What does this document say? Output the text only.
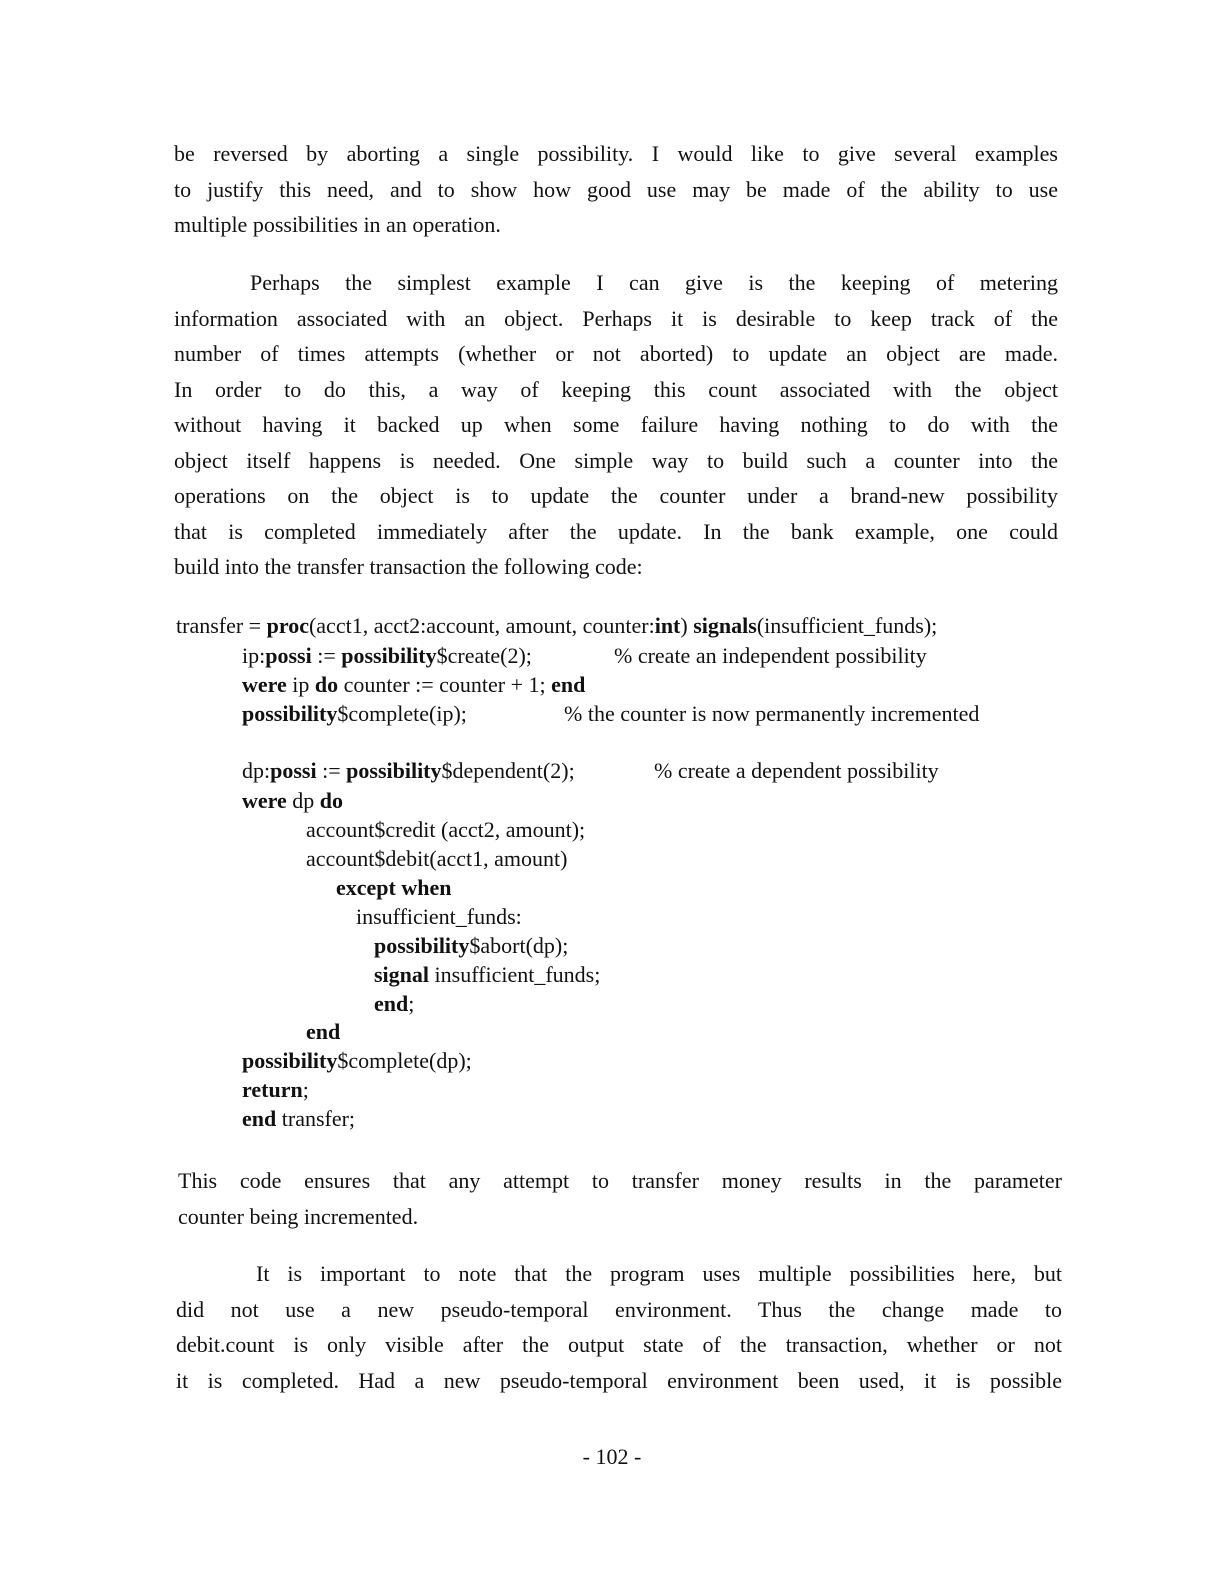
be reversed by aborting a single possibility. I would like to give several examples
to justify this need, and to show how good use may be made of the ability to use
multiple possibilities in an operation.
Perhaps the simplest example I can give is the keeping of metering
information associated with an object. Perhaps it is desirable to keep track of the
number of times attempts (whether or not aborted) to update an object are made.
In order to do this, a way of keeping this count associated with the object
without having it backed up when some failure having nothing to do with the
object itself happens is needed. One simple way to build such a counter into the
operations on the object is to update the counter under a brand-new possibility
that is completed immediately after the update. In the bank example, one could
build into the transfer transaction the following code:
transfer = proc(acct1, acct2:account, amount, counter:int) signals(insufficient_funds);
ip:possi := possibility$create(2);	% create an independent possibility
were ip do counter := counter + 1; end
possibility$complete(ip);	% the counter is now permanently incremented
dp:possi := possibility$dependent(2);	% create a dependent possibility
were dp do
account$credit (acct2, amount);
account$debit(acct1, amount)
except when
insufficient_funds:
possibility$abort(dp);
signal insufficient_funds;
end;
end
possibility$complete(dp);
return;
end transfer;
This code ensures that any attempt to transfer money results in the parameter
counter being incremented.
It is important to note that the program uses multiple possibilities here, but
did not use a new pseudo-temporal environment. Thus the change made to
debit.count is only visible after the output state of the transaction, whether or not
it is completed. Had a new pseudo-temporal environment been used, it is possible
- 102 -
